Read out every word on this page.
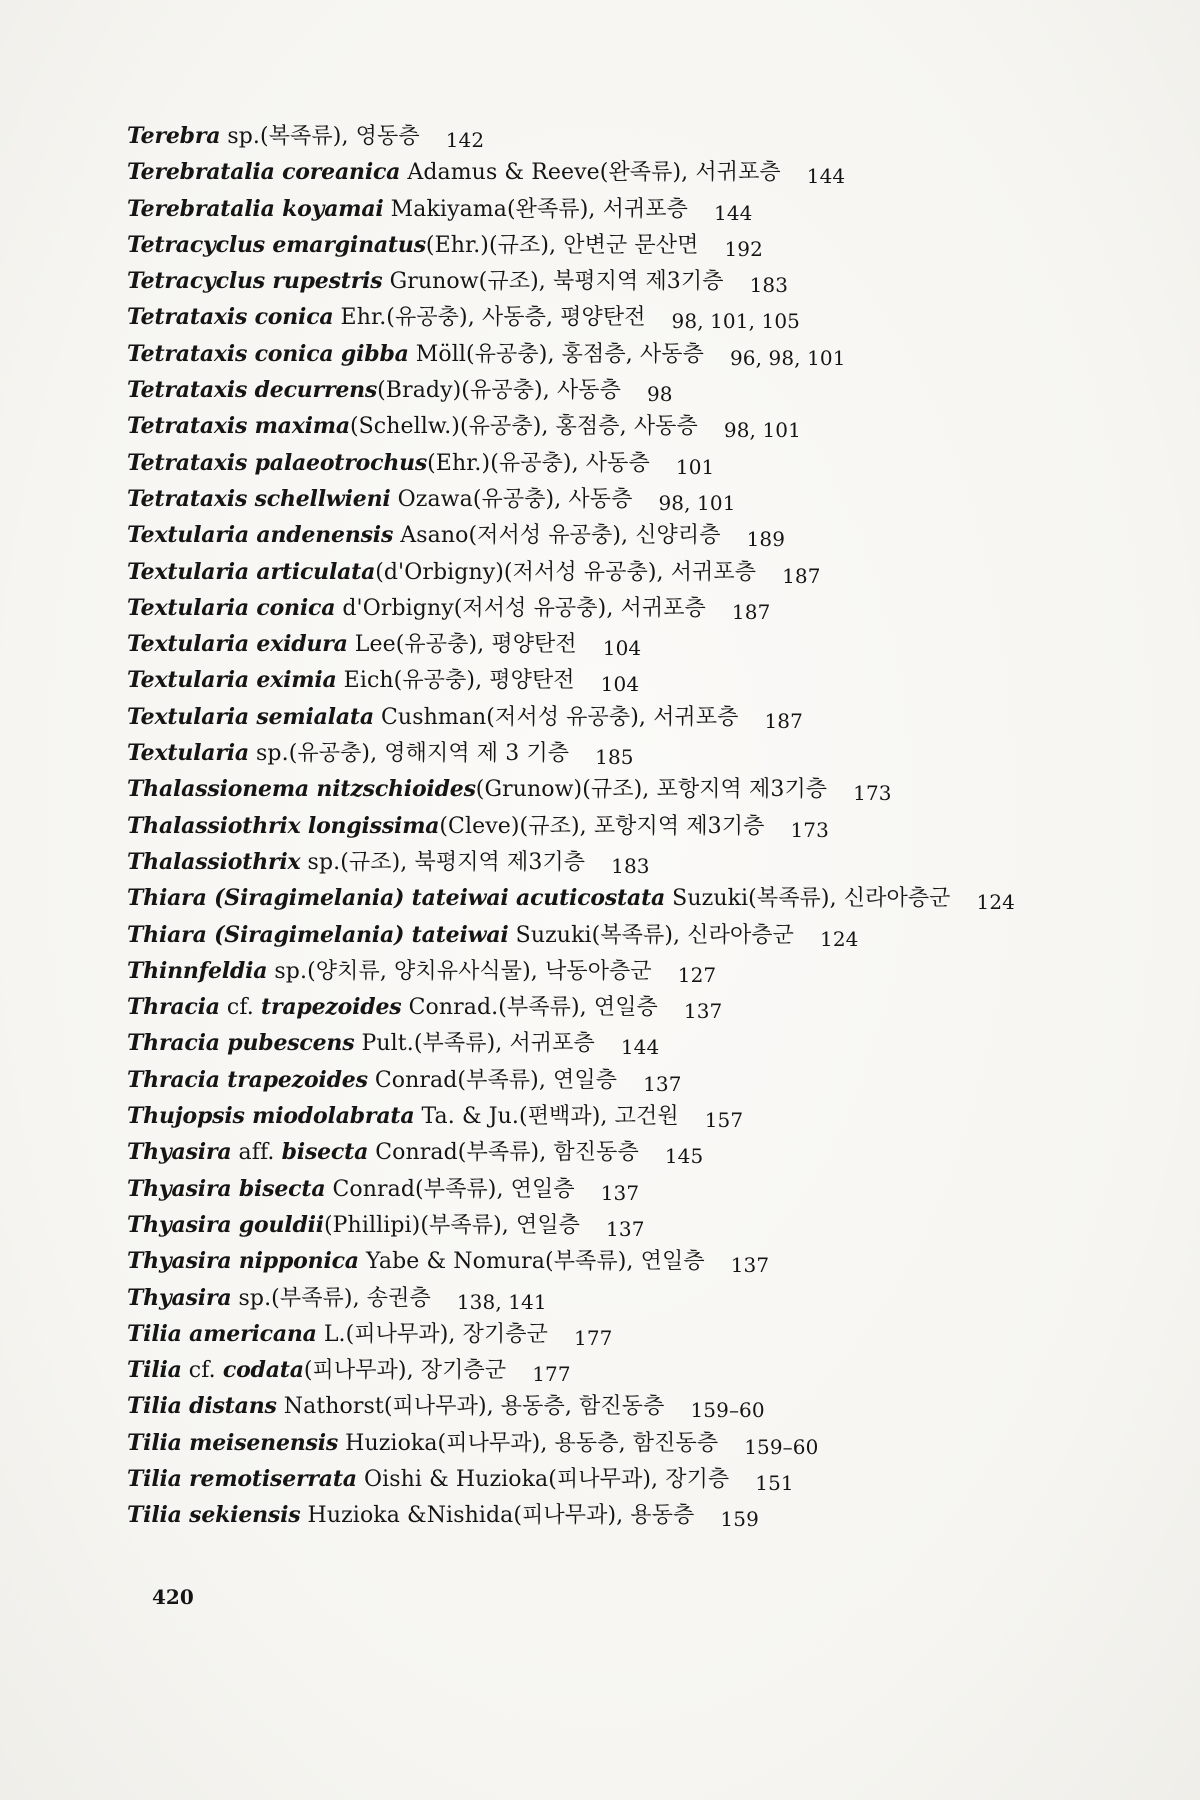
Terebra sp.(복족류), 영동층 142
Terebratalia coreanica Adamus & Reeve(완족류), 서귀포층 144
Terebratalia koyamai Makiyama(완족류), 서귀포층 144
Tetracyclus emarginatus(Ehr.)(규조), 안변군 문산면 192
Tetracyclus rupestris Grunow(규조), 북평지역 제3기층 183
Tetrataxis conica Ehr.(유공충), 사동층, 평양탄전 98, 101, 105
Tetrataxis conica gibba Möll(유공충), 홍점층, 사동층 96, 98, 101
Tetrataxis decurrens(Brady)(유공충), 사동층 98
Tetrataxis maxima(Schellw.)(유공충), 홍점층, 사동층 98, 101
Tetrataxis palaeotrochus(Ehr.)(유공충), 사동층 101
Tetrataxis schellwieni Ozawa(유공충), 사동층 98, 101
Textularia andenensis Asano(저서성 유공충), 신양리층 189
Textularia articulata(d'Orbigny)(저서성 유공충), 서귀포층 187
Textularia conica d'Orbigny(저서성 유공충), 서귀포층 187
Textularia exidura Lee(유공충), 평양탄전 104
Textularia eximia Eich(유공충), 평양탄전 104
Textularia semialata Cushman(저서성 유공충), 서귀포층 187
Textularia sp.(유공충), 영해지역 제 3 기층 185
Thalassionema nitzschioides(Grunow)(규조), 포항지역 제3기층 173
Thalassiothrix longissima(Cleve)(규조), 포항지역 제3기층 173
Thalassiothrix sp.(규조), 북평지역 제3기층 183
Thiara (Siragimelania) tateiwai acuticostata Suzuki(복족류), 신라아층군 124
Thiara (Siragimelania) tateiwai Suzuki(복족류), 신라아층군 124
Thinnfeldia sp.(양치류, 양치유사식물), 낙동아층군 127
Thracia cf. trapezoides Conrad.(부족류), 연일층 137
Thracia pubescens Pult.(부족류), 서귀포층 144
Thracia trapezoides Conrad(부족류), 연일층 137
Thujopsis miodolabrata Ta. & Ju.(편백과), 고건원 157
Thyasira aff. bisecta Conrad(부족류), 함진동층 145
Thyasira bisecta Conrad(부족류), 연일층 137
Thyasira gouldii(Phillipi)(부족류), 연일층 137
Thyasira nipponica Yabe & Nomura(부족류), 연일층 137
Thyasira sp.(부족류), 송권층 138, 141
Tilia americana L.(피나무과), 장기층군 177
Tilia cf. codata(피나무과), 장기층군 177
Tilia distans Nathorst(피나무과), 용동층, 함진동층 159–60
Tilia meisenensis Huzioka(피나무과), 용동층, 함진동층 159–60
Tilia remotiserrata Oishi & Huzioka(피나무과), 장기층 151
Tilia sekiensis Huzioka &Nishida(피나무과), 용동층 159
420
